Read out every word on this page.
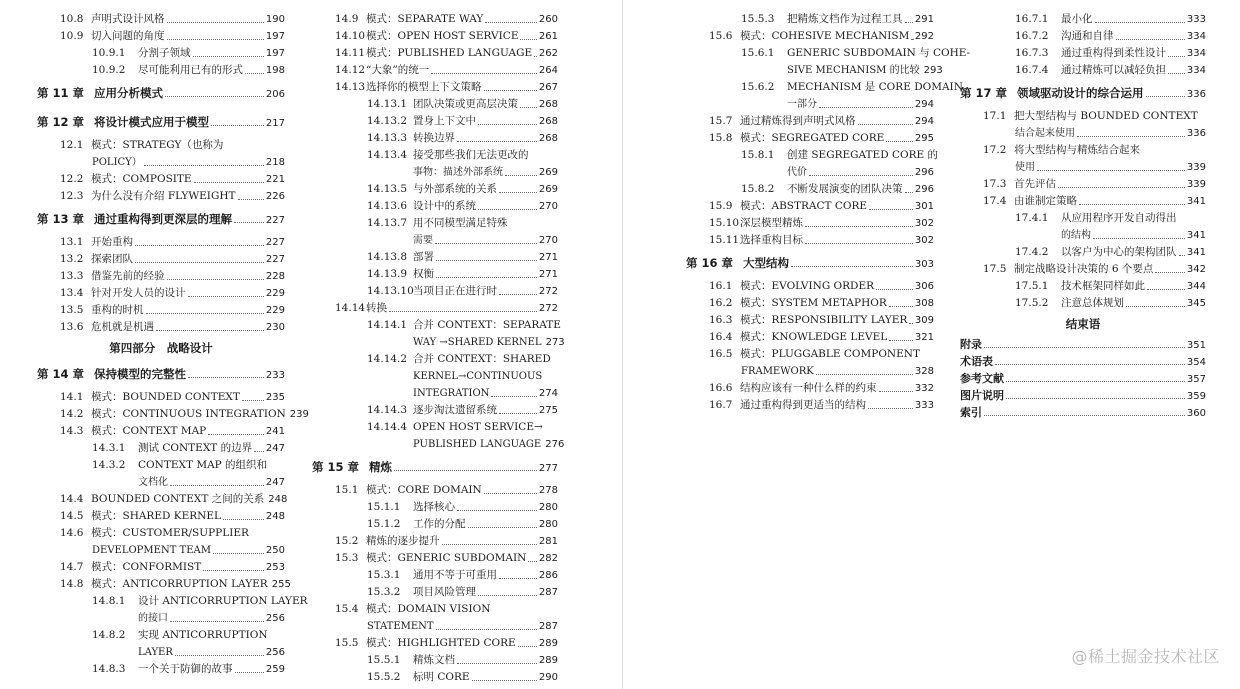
10.8 声明式设计风格	190
10.9 切入问题的角度	197
10.9.1	分割子领域	197
10.9.2	尽可能利用已有的形式 198
第 11 章 应用分析模式	206
第 12 章 将设计模式应用于模型	217
12.1 模式：STRATEGY（也称为
POLICY）	218
12.2 模式：COMPOSITE	221
12.3 为什么没有介绍 FLYWEIGHT	226
第 13 章 通过重构得到更深层的理解	227
13.1 开始重构	227
13.2 探索团队	227
13.3 借鉴先前的经验	228
13.4 针对开发人员的设计	229
13.5 重构的时机	229
13.6 危机就是机遇	230
第四部分　战略设计
第 14 章 保持模型的完整性	233
14.1 模式：BOUNDED CONTEXT	235
14.2 模式：CONTINUOUS INTEGRATION 239
14.3 模式：CONTEXT MAP	241
14.3.1	测试 CONTEXT 的边界 247
14.3.2	CONTEXT MAP 的组织和
文档化	247
14.4 BOUNDED CONTEXT 之间的关系 248
14.5 模式：SHARED KERNEL	248
14.6 模式：CUSTOMER/SUPPLIER
DEVELOPMENT TEAM	250
14.7 模式：CONFORMIST	253
14.8 模式：ANTICORRUPTION LAYER 255
14.8.1	设计 ANTICORRUPTION LAYER
的接口	256
14.8.2	实现 ANTICORRUPTION
LAYER	256
14.8.3	一个关于防御的故事	259
14.9 模式：SEPARATE WAY	260
14.10 模式：OPEN HOST SERVICE 261
14.11 模式：PUBLISHED LANGUAGE 262
14.12 “大象”的统一	264
14.13 选择你的模型上下文策略	267
14.13.1 团队决策或更高层决策 268
14.13.2 置身上下文中	268
14.13.3 转换边界	268
14.13.4 接受那些我们无法更改的
事物：描述外部系统	269
14.13.5 与外部系统的关系	269
14.13.6 设计中的系统	270
14.13.7 用不同模型满足特殊
需要	270
14.13.8 部署	271
14.13.9 权衡	271
14.13.10 当项目正在进行时	272
14.14 转换	272
14.14.1 合并 CONTEXT：SEPARATE
WAY →SHARED KERNEL 273
14.14.2 合并 CONTEXT：SHARED
KERNEL→CONTINUOUS
INTEGRATION	274
14.14.3 逐步淘汰遗留系统	275
14.14.4 OPEN HOST SERVICE→
PUBLISHED LANGUAGE 276
第 15 章 精炼	277
15.1 模式：CORE DOMAIN	278
15.1.1	选择核心	280
15.1.2	工作的分配	280
15.2 精炼的逐步提升	281
15.3 模式：GENERIC SUBDOMAIN 282
15.3.1	通用不等于可重用	286
15.3.2	项目风险管理	287
15.4 模式：DOMAIN VISION
STATEMENT	287
15.5 模式：HIGHLIGHTED CORE 289
15.5.1	精炼文档	289
15.5.2	标明 CORE	290
15.5.3	把精炼文档作为过程工具 291
15.6 模式：COHESIVE MECHANISM 292
15.6.1	GENERIC SUBDOMAIN 与 COHE-
SIVE MECHANISM 的比较 293
15.6.2	MECHANISM 是 CORE DOMAIN
一部分	294
15.7 通过精炼得到声明式风格	294
15.8 模式：SEGREGATED CORE	295
15.8.1	创建 SEGREGATED CORE 的
代价	296
15.8.2	不断发展演变的团队决策 296
15.9 模式：ABSTRACT CORE	301
15.10 深层模型精炼	302
15.11 选择重构目标	302
第 16 章 大型结构	303
16.1 模式：EVOLVING ORDER	306
16.2 模式：SYSTEM METAPHOR	308
16.3 模式：RESPONSIBILITY LAYER 309
16.4 模式：KNOWLEDGE LEVEL	321
16.5 模式：PLUGGABLE COMPONENT
FRAMEWORK	328
16.6 结构应该有一种什么样的约束	332
16.7 通过重构得到更适当的结构	333
16.7.1	最小化	333
16.7.2	沟通和自律	334
16.7.3	通过重构得到柔性设计 334
16.7.4	通过精炼可以减轻负担 334
第 17 章 领域驱动设计的综合运用	336
17.1 把大型结构与 BOUNDED CONTEXT
结合起来使用	336
17.2 将大型结构与精炼结合起来
使用	339
17.3 首先评估	339
17.4 由谁制定策略	341
17.4.1	从应用程序开发自动得出
的结构	341
17.4.2	以客户为中心的架构团队 341
17.5 制定战略设计决策的 6 个要点	342
17.5.1	技术框架同样如此	344
17.5.2	注意总体规划	345
结束语
附录	351
术语表	354
参考文献	357
图片说明	359
索引	360
@稀土掘金技术社区
